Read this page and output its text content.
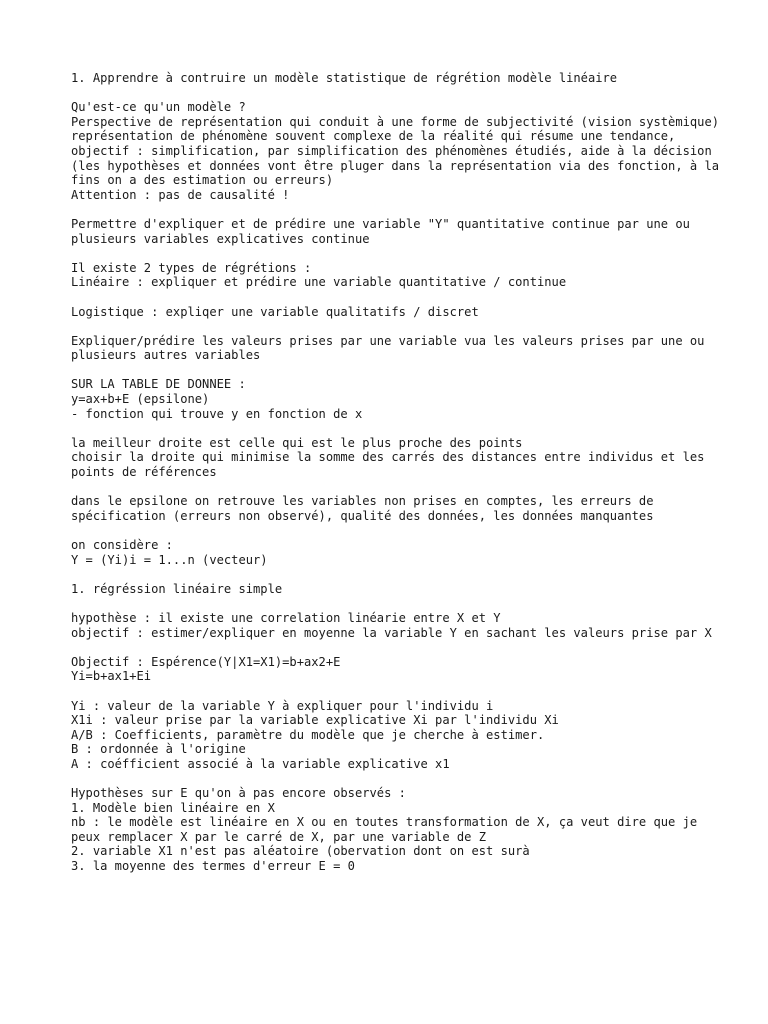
1. Apprendre à contruire un modèle statistique de régrétion modèle linéaire
Qu'est-ce qu'un modèle ?
Perspective de représentation qui conduit à une forme de subjectivité (vision systèmique)
représentation de phénomène souvent complexe de la réalité qui résume une tendance,
objectif : simplification, par simplification des phénomènes étudiés, aide à la décision
(les hypothèses et données vont être pluger dans la représentation via des fonction, à la fins on a des estimation ou erreurs)
Attention : pas de causalité !
Permettre d'expliquer et de prédire une variable "Y" quantitative continue par une ou plusieurs variables explicatives continue
Il existe 2 types de régrétions :
Linéaire : expliquer et prédire une variable quantitative / continue
Logistique : expliqer une variable qualitatifs / discret
Expliquer/prédire les valeurs prises par une variable vua les valeurs prises par une ou plusieurs autres variables
SUR LA TABLE DE DONNEE :
y=ax+b+E (epsilone)
- fonction qui trouve y en fonction de x
la meilleur droite est celle qui est le plus proche des points
choisir la droite qui minimise la somme des carrés des distances entre individus et les points de références
dans le epsilone on retrouve les variables non prises en comptes, les erreurs de spécification (erreurs non observé), qualité des données, les données manquantes
on considère :
Y = (Yi)i = 1...n (vecteur)
1. régréssion linéaire simple
hypothèse : il existe une correlation linéarie entre X et Y
objectif : estimer/expliquer en moyenne la variable Y en sachant les valeurs prise par X
Objectif : Espérence(Y|X1=X1)=b+ax2+E
Yi=b+ax1+Ei
Yi : valeur de la variable Y à expliquer pour l'individu i
X1i : valeur prise par la variable explicative Xi par l'individu Xi
A/B : Coefficients, paramètre du modèle que je cherche à estimer.
B : ordonnée à l'origine
A : coéfficient associé à la variable explicative x1
Hypothèses sur E qu'on à pas encore observés :
1. Modèle bien linéaire en X
nb : le modèle est linéaire en X ou en toutes transformation de X, ça veut dire que je peux remplacer X par le carré de X, par une variable de Z
2. variable X1 n'est pas aléatoire (obervation dont on est surà
3. la moyenne des termes d'erreur E = 0
